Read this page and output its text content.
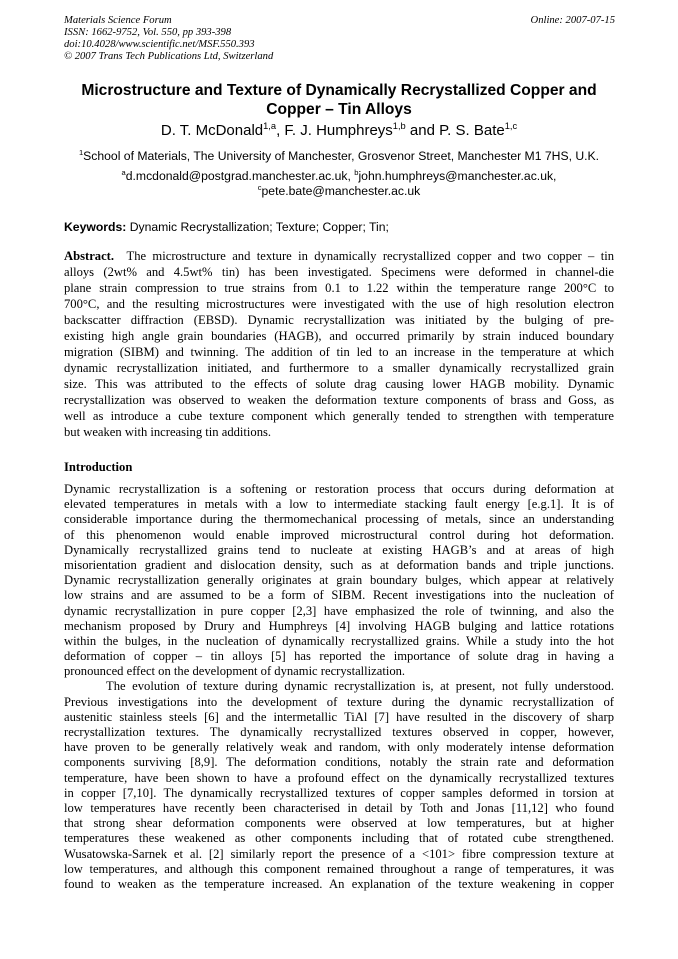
Materials Science Forum
ISSN: 1662-9752, Vol. 550, pp 393-398
doi:10.4028/www.scientific.net/MSF.550.393
© 2007 Trans Tech Publications Ltd, Switzerland
Online: 2007-07-15
Microstructure and Texture of Dynamically Recrystallized Copper and
Copper – Tin Alloys
D. T. McDonald$^{1,a}$, F. J. Humphreys$^{1,b}$ and P. S. Bate$^{1,c}$
$^1$School of Materials, The University of Manchester, Grosvenor Street, Manchester M1 7HS, U.K.
$^a$d.mcdonald@postgrad.manchester.ac.uk, $^b$john.humphreys@manchester.ac.uk,
$^c$pete.bate@manchester.ac.uk
Keywords: Dynamic Recrystallization; Texture; Copper; Tin;
Abstract.  The microstructure and texture in dynamically recrystallized copper and two copper – tin
alloys (2wt% and 4.5wt% tin) has been investigated. Specimens were deformed in channel-die
plane strain compression to true strains from 0.1 to 1.22 within the temperature range 200°C to
700°C, and the resulting microstructures were investigated with the use of high resolution electron
backscatter diffraction (EBSD). Dynamic recrystallization was initiated by the bulging of pre-
existing high angle grain boundaries (HAGB), and occurred primarily by strain induced boundary
migration (SIBM) and twinning. The addition of tin led to an increase in the temperature at which
dynamic recrystallization initiated, and furthermore to a smaller dynamically recrystallized grain
size. This was attributed to the effects of solute drag causing lower HAGB mobility. Dynamic
recrystallization was observed to weaken the deformation texture components of brass and Goss, as
well as introduce a cube texture component which generally tended to strengthen with temperature
but weaken with increasing tin additions.
Introduction
Dynamic recrystallization is a softening or restoration process that occurs during deformation at
elevated temperatures in metals with a low to intermediate stacking fault energy [e.g.1]. It is of
considerable importance during the thermomechanical processing of metals, since an understanding
of this phenomenon would enable improved microstructural control during hot deformation.
Dynamically recrystallized grains tend to nucleate at existing HAGB’s and at areas of high
misorientation gradient and dislocation density, such as at deformation bands and triple junctions.
Dynamic recrystallization generally originates at grain boundary bulges, which appear at relatively
low strains and are assumed to be a form of SIBM. Recent investigations into the nucleation of
dynamic recrystallization in pure copper [2,3] have emphasized the role of twinning, and also the
mechanism proposed by Drury and Humphreys [4] involving HAGB bulging and lattice rotations
within the bulges, in the nucleation of dynamically recrystallized grains. While a study into the hot
deformation of copper – tin alloys [5] has reported the importance of solute drag in having a
pronounced effect on the development of dynamic recrystallization.
The evolution of texture during dynamic recrystallization is, at present, not fully understood.
Previous investigations into the development of texture during the dynamic recrystallization of
austenitic stainless steels [6] and the intermetallic TiAl [7] have resulted in the discovery of sharp
recrystallization textures. The dynamically recrystallized textures observed in copper, however,
have proven to be generally relatively weak and random, with only moderately intense deformation
components surviving [8,9]. The deformation conditions, notably the strain rate and deformation
temperature, have been shown to have a profound effect on the dynamically recrystallized textures
in copper [7,10]. The dynamically recrystallized textures of copper samples deformed in torsion at
low temperatures have recently been characterised in detail by Toth and Jonas [11,12] who found
that strong shear deformation components were observed at low temperatures, but at higher
temperatures these weakened as other components including that of rotated cube strengthened.
Wusatowska-Sarnek et al. [2] similarly report the presence of a <101> fibre compression texture at
low temperatures, and although this component remained throughout a range of temperatures, it was
found to weaken as the temperature increased. An explanation of the texture weakening in copper
